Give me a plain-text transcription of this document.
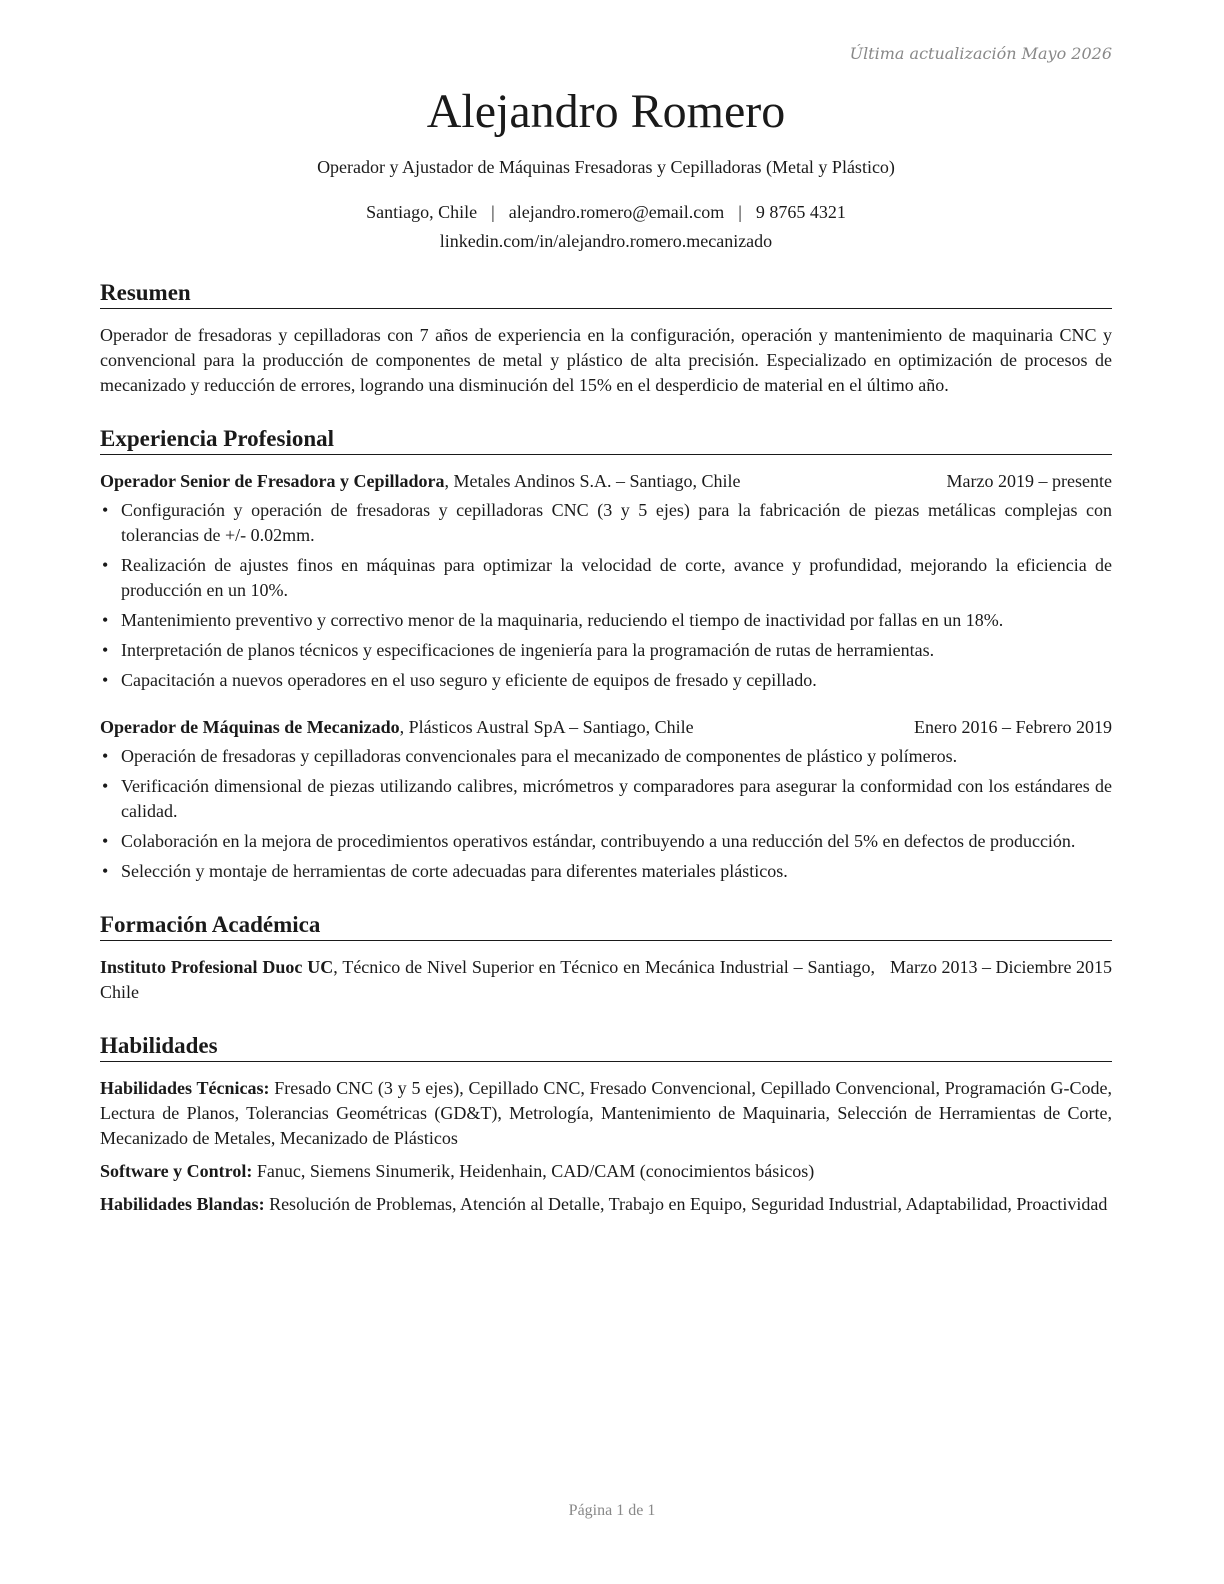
Última actualización Mayo 2026
Alejandro Romero
Operador y Ajustador de Máquinas Fresadoras y Cepilladoras (Metal y Plástico)
Santiago, Chile | alejandro.romero@email.com | 9 8765 4321
linkedin.com/in/alejandro.romero.mecanizado
Resumen
Operador de fresadoras y cepilladoras con 7 años de experiencia en la configuración, operación y mantenimiento de maquinaria CNC y convencional para la producción de componentes de metal y plástico de alta precisión. Especializado en optimización de procesos de mecanizado y reducción de errores, logrando una disminución del 15% en el desperdicio de material en el último año.
Experiencia Profesional
Operador Senior de Fresadora y Cepilladora, Metales Andinos S.A. – Santiago, Chile	Marzo 2019 – presente
• Configuración y operación de fresadoras y cepilladoras CNC (3 y 5 ejes) para la fabricación de piezas metálicas complejas con tolerancias de +/- 0.02mm.
• Realización de ajustes finos en máquinas para optimizar la velocidad de corte, avance y profundidad, mejorando la eficiencia de producción en un 10%.
• Mantenimiento preventivo y correctivo menor de la maquinaria, reduciendo el tiempo de inactividad por fallas en un 18%.
• Interpretación de planos técnicos y especificaciones de ingeniería para la programación de rutas de herramientas.
• Capacitación a nuevos operadores en el uso seguro y eficiente de equipos de fresado y cepillado.
Operador de Máquinas de Mecanizado, Plásticos Austral SpA – Santiago, Chile	Enero 2016 – Febrero 2019
• Operación de fresadoras y cepilladoras convencionales para el mecanizado de componentes de plástico y polímeros.
• Verificación dimensional de piezas utilizando calibres, micrómetros y comparadores para asegurar la conformidad con los estándares de calidad.
• Colaboración en la mejora de procedimientos operativos estándar, contribuyendo a una reducción del 5% en defectos de producción.
• Selección y montaje de herramientas de corte adecuadas para diferentes materiales plásticos.
Formación Académica
Instituto Profesional Duoc UC, Técnico de Nivel Superior en Técnico en Mecánica Industrial – Santiago, Chile
Marzo 2013 – Diciembre 2015
Habilidades
Habilidades Técnicas: Fresado CNC (3 y 5 ejes), Cepillado CNC, Fresado Convencional, Cepillado Convencional, Programación G-Code, Lectura de Planos, Tolerancias Geométricas (GD&T), Metrología, Mantenimiento de Maquinaria, Selección de Herramientas de Corte, Mecanizado de Metales, Mecanizado de Plásticos
Software y Control: Fanuc, Siemens Sinumerik, Heidenhain, CAD/CAM (conocimientos básicos)
Habilidades Blandas: Resolución de Problemas, Atención al Detalle, Trabajo en Equipo, Seguridad Industrial, Adaptabilidad, Proactividad
Página 1 de 1
